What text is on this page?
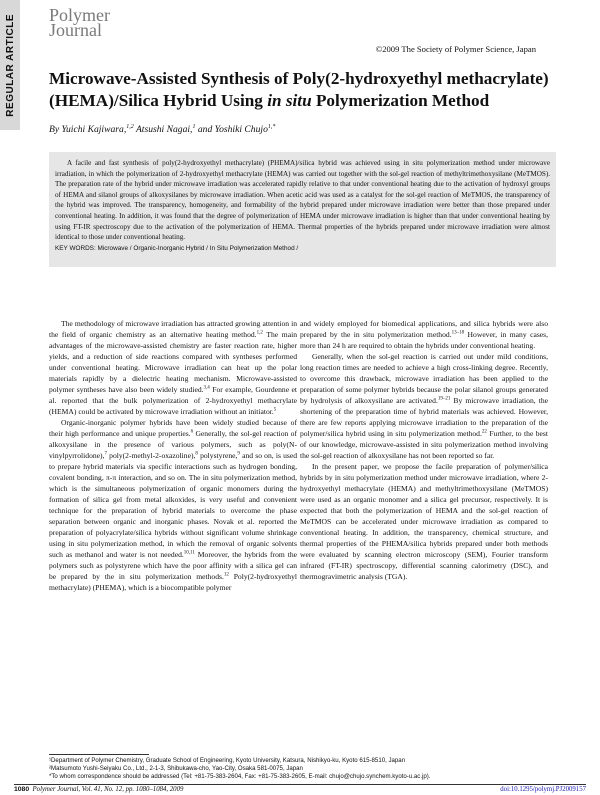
REGULAR ARTICLE Polymer
Journal
©2009 The Society of Polymer Science, Japan
Microwave-Assisted Synthesis of Poly(2-hydroxyethyl methacrylate) (HEMA)/Silica Hybrid Using in situ Polymerization Method
By Yuichi Kajiwara,$^{1,2}$ Atsushi Nagai,$^1$ and Yoshiki Chujo$^{1,*}$
A facile and fast synthesis of poly(2-hydroxyethyl methacrylate) (PHEMA)/silica hybrid was achieved using in situ polymerization method under microwave irradiation, in which the polymerization of 2-hydroxyethyl methacrylate (HEMA) was carried out together with the sol-gel reaction of methyltrimethoxysilane (MeTMOS). The preparation rate of the hybrid under microwave irradiation was accelerated rapidly relative to that under conventional heating due to the activation of hydroxyl groups of HEMA and silanol groups of alkoxysilanes by microwave irradiation. When acetic acid was used as a catalyst for the sol-gel reaction of MeTMOS, the transparency of the hybrid was improved. The transparency, homogeneity, and formability of the hybrid prepared under microwave irradiation were better than those prepared under conventional heating. In addition, it was found that the degree of polymerization of HEMA under microwave irradiation is higher than that under conventional heating by using FT-IR spectroscopy due to the activation of the polymerization of HEMA. Thermal properties of the hybrids prepared under microwave irradiation were almost identical to those under conventional heating.
KEY WORDS: Microwave / Organic-Inorganic Hybrid / In Situ Polymerization Method /

The methodology of microwave irradiation has attracted growing attention in the field of organic chemistry as an alternative heating method.$^{1,2}$ The main advantages of the microwave-assisted chemistry are faster reaction rate, higher yields, and a reduction of side reactions compared with syntheses performed under conventional heating. Microwave irradiation can heat up the polar materials rapidly by a dielectric heating mechanism. Microwave-assisted polymer syntheses have also been widely studied.$^{3,4}$ For example, Gourdenne et al. reported that the bulk polymerization of 2-hydroxyethyl methacrylate (HEMA) could be activated by microwave irradiation without an initiator.$^5$

Organic-inorganic polymer hybrids have been widely studied because of their high performance and unique properties.$^6$ Generally, the sol-gel reaction of alkoxysilane in the presence of various polymers, such as poly(N-vinylpyrrolidone),$^7$ poly(2-methyl-2-oxazoline),$^8$ polystyrene,$^9$ and so on, is used to prepare hybrid materials via specific interactions such as hydrogen bonding, covalent bonding, π-π interaction, and so on. The in situ polymerization method, which is the simultaneous polymerization of organic monomers during the formation of silica gel from metal alkoxides, is very useful and convenient technique for the preparation of hybrid materials to overcome the phase separation between organic and inorganic phases. Novak et al. reported the preparation of polyacrylate/silica hybrids without significant volume shrinkage using in situ polymerization method, in which the removal of organic solvents such as methanol and water is not needed.$^{10,11}$ Moreover, the hybrids from the polymers such as polystyrene which have the poor affinity with a silica gel can be prepared by the in situ polymerization methods.$^{12}$ Poly(2-hydroxyethyl methacrylate) (PHEMA), which is a biocompatible polymer

and widely employed for biomedical applications, and silica hybrids were also prepared by the in situ polymerization method.$^{13-18}$ However, in many cases, more than 24 h are required to obtain the hybrids under conventional heating.

Generally, when the sol-gel reaction is carried out under mild conditions, long reaction times are needed to achieve a high cross-linking degree. Recently, to overcome this drawback, microwave irradiation has been applied to the preparation of some polymer hybrids because the polar silanol groups generated by hydrolysis of alkoxysilane are activated.$^{19-21}$ By microwave irradiation, the shortening of the preparation time of hybrid materials was achieved. However, there are few reports applying microwave irradiation to the preparation of the polymer/silica hybrid using in situ polymerization method.$^{22}$ Further, to the best of our knowledge, microwave-assisted in situ polymerization method involving the sol-gel reaction of alkoxysilane has not been reported so far.

In the present paper, we propose the facile preparation of polymer/silica hybrids by in situ polymerization method under microwave irradiation, where 2-hydroxyethyl methacrylate (HEMA) and methyltrimethoxysilane (MeTMOS) were used as an organic monomer and a silica gel precursor, respectively. It is expected that both the polymerization of HEMA and the sol-gel reaction of MeTMOS can be accelerated under microwave irradiation as compared to conventional heating. In addition, the transparency, chemical structure, and thermal properties of the PHEMA/silica hybrids prepared under both methods were evaluated by scanning electron microscopy (SEM), Fourier transform infrared (FT-IR) spectroscopy, differential scanning calorimetry (DSC), and thermogravimetric analysis (TGA).

¹Department of Polymer Chemistry, Graduate School of Engineering, Kyoto University, Katsura, Nishikyo-ku, Kyoto 615-8510, Japan
²Matsumoto Yushi-Seiyaku Co., Ltd., 2-1-3, Shibukawa-cho, Yao-City, Osaka 581-0075, Japan
*To whom correspondence should be addressed (Tel: +81-75-383-2604, Fax: +81-75-383-2605, E-mail: chujo@chujo.synchem.kyoto-u.ac.jp).
1080 Polymer Journal, Vol. 41, No. 12, pp. 1080–1084, 2009	doi:10.1295/polymj.PJ2009157
